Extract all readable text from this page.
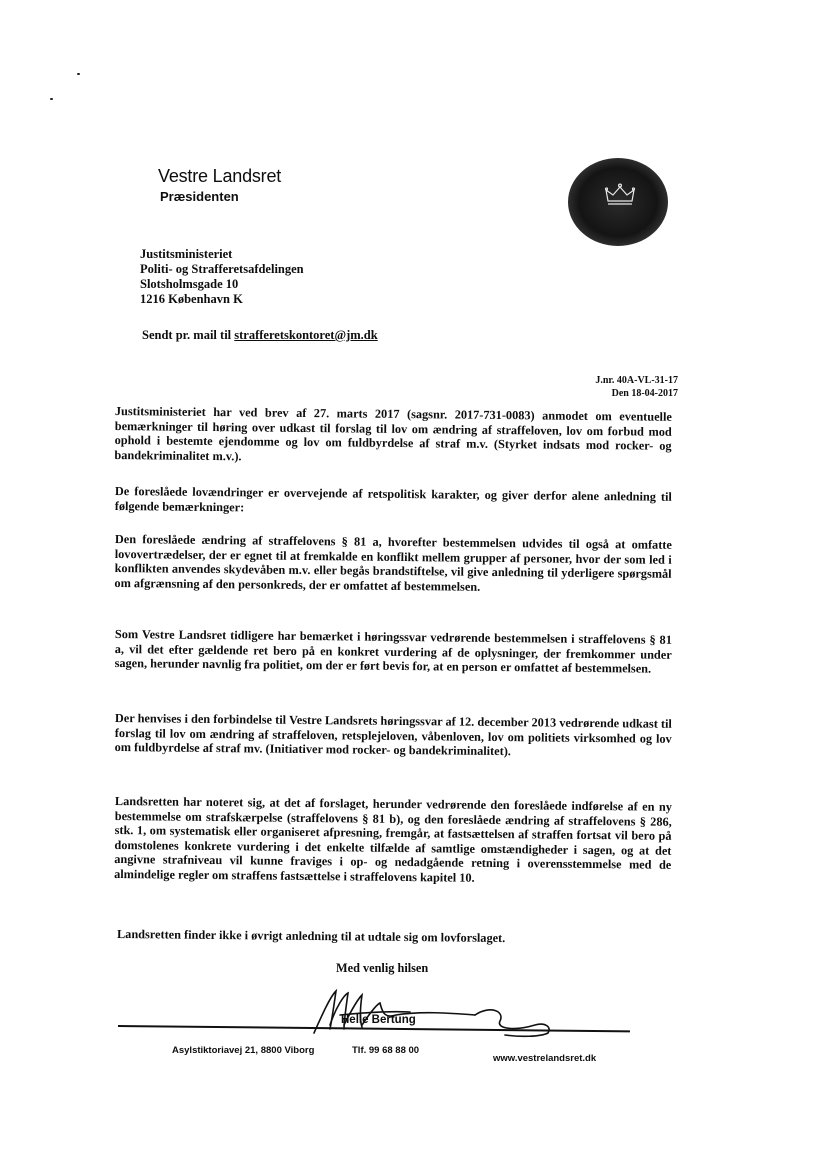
Vestre Landsret
Præsidenten
Justitsministeriet
Politi- og Strafferetsafdelingen
Slotsholmsgade 10
1216 København K
Sendt pr. mail til strafferetskontoret@jm.dk
J.nr. 40A-VL-31-17
Den 18-04-2017
Justitsministeriet har ved brev af 27. marts 2017 (sagsnr. 2017-731-0083) anmodet om eventuelle bemærkninger til høring over udkast til forslag til lov om ændring af straffeloven, lov om forbud mod ophold i bestemte ejendomme og lov om fuldbyrdelse af straf m.v. (Styrket indsats mod rocker- og bandekriminalitet m.v.).
De foreslåede lovændringer er overvejende af retspolitisk karakter, og giver derfor alene anledning til følgende bemærkninger:
Den foreslåede ændring af straffelovens § 81 a, hvorefter bestemmelsen udvides til også at omfatte lovovertrædelser, der er egnet til at fremkalde en konflikt mellem grupper af personer, hvor der som led i konflikten anvendes skydevåben m.v. eller begås brandstiftelse, vil give anledning til yderligere spørgsmål om afgrænsning af den personkreds, der er omfattet af bestemmelsen.
Som Vestre Landsret tidligere har bemærket i høringssvar vedrørende bestemmelsen i straffelovens § 81 a, vil det efter gældende ret bero på en konkret vurdering af de oplysninger, der fremkommer under sagen, herunder navnlig fra politiet, om der er ført bevis for, at en person er omfattet af bestemmelsen.
Der henvises i den forbindelse til Vestre Landsrets høringssvar af 12. december 2013 vedrørende udkast til forslag til lov om ændring af straffeloven, retsplejeloven, våbenloven, lov om politiets virksomhed og lov om fuldbyrdelse af straf mv. (Initiativer mod rocker- og bandekriminalitet).
Landsretten har noteret sig, at det af forslaget, herunder vedrørende den foreslåede indførelse af en ny bestemmelse om strafskærpelse (straffelovens § 81 b), og den foreslåede ændring af straffelovens § 286, stk. 1, om systematisk eller organiseret afpresning, fremgår, at fastsættelsen af straffen fortsat vil bero på domstolenes konkrete vurdering i det enkelte tilfælde af samtlige omstændigheder i sagen, og at det angivne strafniveau vil kunne fraviges i op- og nedadgående retning i overensstemmelse med de almindelige regler om straffens fastsættelse i straffelovens kapitel 10.
Landsretten finder ikke i øvrigt anledning til at udtale sig om lovforslaget.
Med venlig hilsen
Helle Bertung
Asylstiktoriavej 21, 8800 Viborg	Tlf. 99 68 88 00
www.vestrelandsret.dk
